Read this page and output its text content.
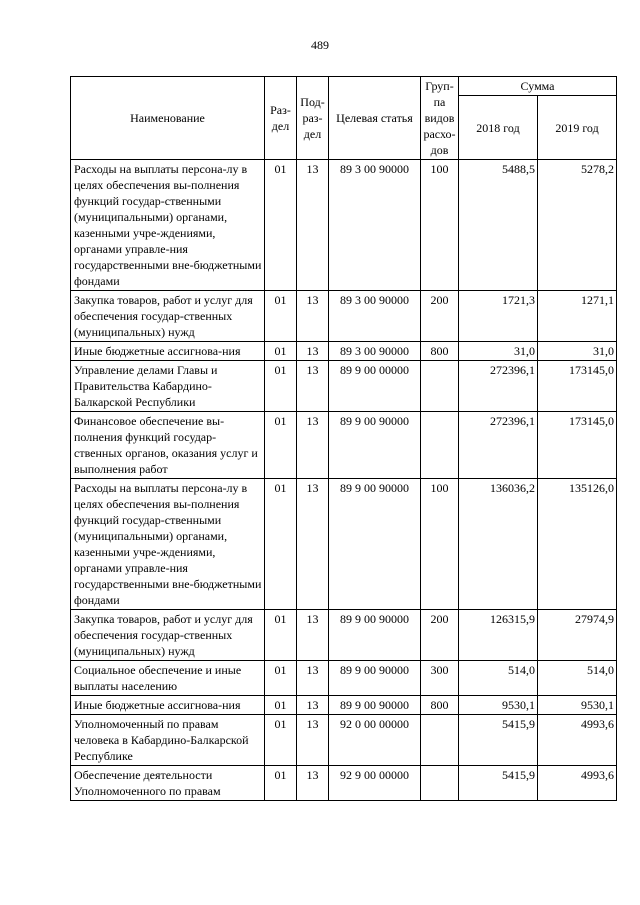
489
Наименование	Раз-дел	Под-раз-дел	Целевая статья	Груп-па видов расхо-дов	Сумма	
					2018 год	2019 год
Расходы на выплаты персона-лу в целях обеспечения вы-полнения функций государ-ственными (муниципальными) органами, казенными учре-ждениями, органами управле-ния государственными вне-бюджетными фондами	01	13	89 3 00 90000	100	5488,5	5278,2
Закупка товаров, работ и услуг для обеспечения государ-ственных (муниципальных) нужд	01	13	89 3 00 90000	200	1721,3	1271,1
Иные бюджетные ассигнова-ния	01	13	89 3 00 90000	800	31,0	31,0
Управление делами Главы и Правительства Кабардино-Балкарской Республики	01	13	89 9 00 00000		272396,1	173145,0
Финансовое обеспечение вы-полнения функций государ-ственных органов, оказания услуг и выполнения работ	01	13	89 9 00 90000		272396,1	173145,0
Расходы на выплаты персона-лу в целях обеспечения вы-полнения функций государ-ственными (муниципальными) органами, казенными учре-ждениями, органами управле-ния государственными вне-бюджетными фондами	01	13	89 9 00 90000	100	136036,2	135126,0
Закупка товаров, работ и услуг для обеспечения государ-ственных (муниципальных) нужд	01	13	89 9 00 90000	200	126315,9	27974,9
Социальное обеспечение и иные выплаты населению	01	13	89 9 00 90000	300	514,0	514,0
Иные бюджетные ассигнова-ния	01	13	89 9 00 90000	800	9530,1	9530,1
Уполномоченный по правам человека в Кабардино-Балкарской Республике	01	13	92 0 00 00000		5415,9	4993,6
Обеспечение деятельности Уполномоченного по правам	01	13	92 9 00 00000		5415,9	4993,6
